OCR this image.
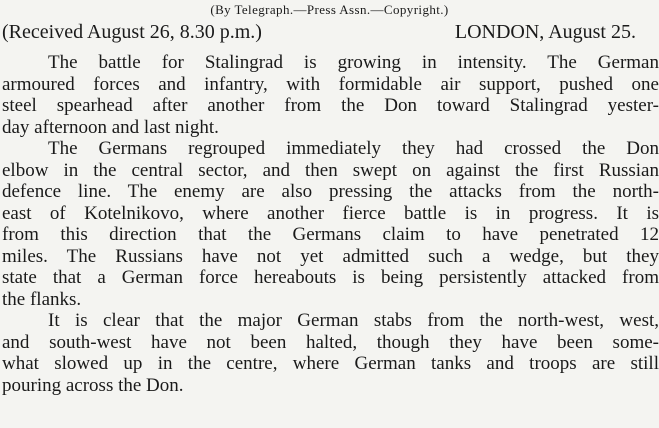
(By Telegraph.—Press Assn.—Copyright.)
(Received August 26, 8.30 p.m.)	LONDON, August 25.
The battle for Stalingrad is growing in intensity. The German
armoured forces and infantry, with formidable air support, pushed one
steel spearhead after another from the Don toward Stalingrad yester-
day afternoon and last night.
The Germans regrouped immediately they had crossed the Don
elbow in the central sector, and then swept on against the first Russian
defence line. The enemy are also pressing the attacks from the north-
east of Kotelnikovo, where another fierce battle is in progress. It is
from this direction that the Germans claim to have penetrated 12
miles. The Russians have not yet admitted such a wedge, but they
state that a German force hereabouts is being persistently attacked from
the flanks.
It is clear that the major German stabs from the north-west, west,
and south-west have not been halted, though they have been some-
what slowed up in the centre, where German tanks and troops are still
pouring across the Don.
